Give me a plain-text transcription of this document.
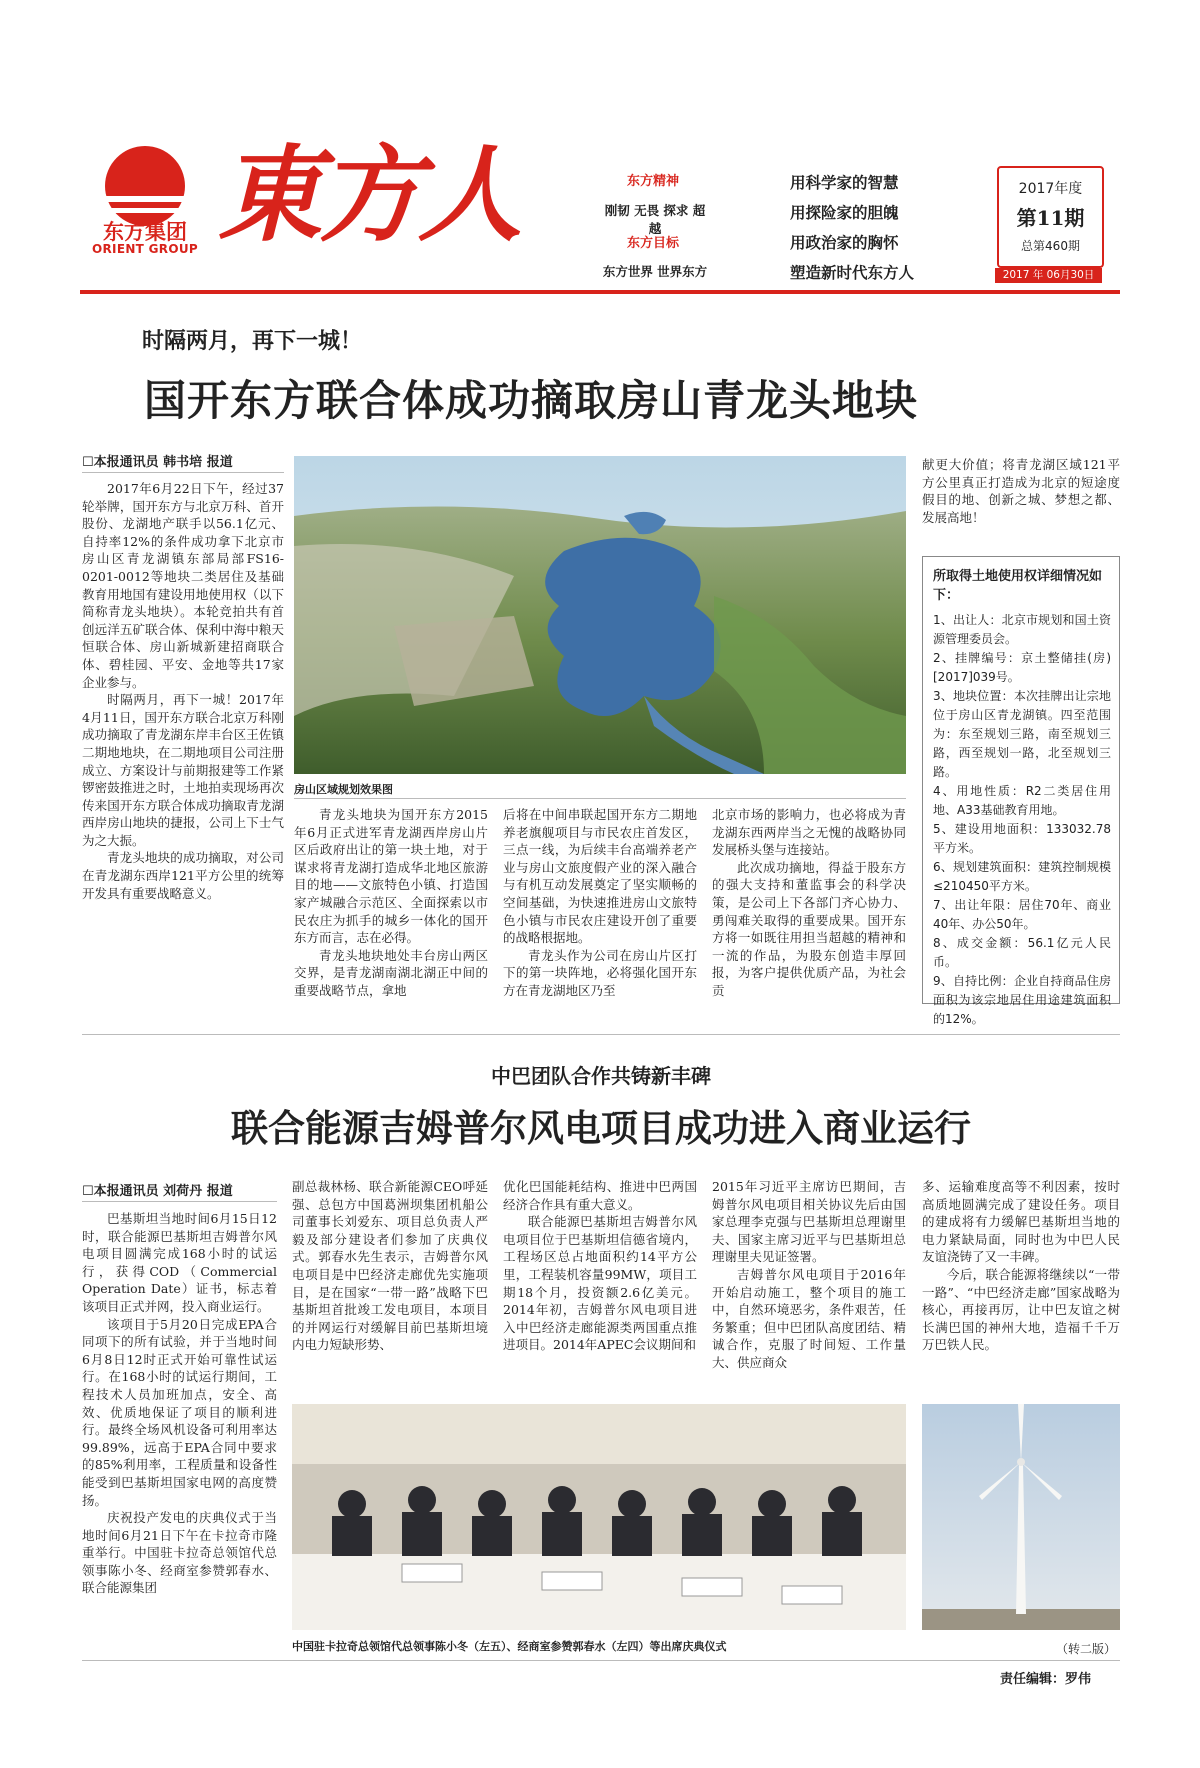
东方集团
ORIENT GROUP 東方人	东方精神
刚韧 无畏 探求 超越
东方目标
东方世界 世界东方
用科学家的智慧
用探险家的胆魄
用政治家的胸怀
塑造新时代东方人
2017年度
第11期
总第460期
2017 年 06月30日
时隔两月，再下一城！
国开东方联合体成功摘取房山青龙头地块
☐本报通讯员 韩书培 报道

2017年6月22日下午，经过37轮举牌，国开东方与北京万科、首开股份、龙湖地产联手以56.1亿元、自持率12%的条件成功拿下北京市房山区青龙湖镇东部局部FS16-0201-0012等地块二类居住及基础教育用地国有建设用地使用权（以下简称青龙头地块）。本轮竞拍共有首创远洋五矿联合体、保利中海中粮天恒联合体、房山新城新建招商联合体、碧桂园、平安、金地等共17家企业参与。

时隔两月，再下一城！2017年4月11日，国开东方联合北京万科刚成功摘取了青龙湖东岸丰台区王佐镇二期地地块，在二期地项目公司注册成立、方案设计与前期报建等工作紧锣密鼓推进之时，土地拍卖现场再次传来国开东方联合体成功摘取青龙湖西岸房山地块的捷报，公司上下士气为之大振。

青龙头地块的成功摘取，对公司在青龙湖东西岸121平方公里的统筹开发具有重要战略意义。

房山区域规划效果图

青龙头地块为国开东方2015年6月正式进军青龙湖西岸房山片区后政府出让的第一块土地，对于谋求将青龙湖打造成华北地区旅游目的地——文旅特色小镇、打造国家产城融合示范区、全面探索以市民农庄为抓手的城乡一体化的国开东方而言，志在必得。

青龙头地块地处丰台房山两区交界，是青龙湖南湖北湖正中间的重要战略节点，拿地

后将在中间串联起国开东方二期地养老旗舰项目与市民农庄首发区，三点一线，为后续丰台高端养老产业与房山文旅度假产业的深入融合与有机互动发展奠定了坚实顺畅的空间基础，为快速推进房山文旅特色小镇与市民农庄建设开创了重要的战略根据地。

青龙头作为公司在房山片区打下的第一块阵地，必将强化国开东方在青龙湖地区乃至

北京市场的影响力，也必将成为青龙湖东西两岸当之无愧的战略协同发展桥头堡与连接站。

此次成功摘地，得益于股东方的强大支持和董监事会的科学决策，是公司上下各部门齐心协力、勇闯难关取得的重要成果。国开东方将一如既往用担当超越的精神和一流的作品，为股东创造丰厚回报，为客户提供优质产品，为社会贡

献更大价值；将青龙湖区域121平方公里真正打造成为北京的短途度假目的地、创新之城、梦想之都、发展高地！

所取得土地使用权详细情况如下：
1、出让人：北京市规划和国土资源管理委员会。
2、挂牌编号：京土整储挂(房)[2017]039号。
3、地块位置：本次挂牌出让宗地位于房山区青龙湖镇。四至范围为：东至规划三路，南至规划三路，西至规划一路，北至规划三路。
4、用地性质：R2二类居住用地、A33基础教育用地。
5、建设用地面积：133032.78平方米。
6、规划建筑面积：建筑控制规模≤210450平方米。
7、出让年限：居住70年、商业40年、办公50年。
8、成交金额：56.1亿元人民币。
9、自持比例：企业自持商品住房面积为该宗地居住用途建筑面积的12%。
中巴团队合作共铸新丰碑
联合能源吉姆普尔风电项目成功进入商业运行
☐本报通讯员 刘荷丹 报道

巴基斯坦当地时间6月15日12时，联合能源巴基斯坦吉姆普尔风电项目圆满完成168小时的试运行，获得COD（Commercial Operation Date）证书，标志着该项目正式并网，投入商业运行。

该项目于5月20日完成EPA合同项下的所有试验，并于当地时间6月8日12时正式开始可靠性试运行。在168小时的试运行期间，工程技术人员加班加点，安全、高效、优质地保证了项目的顺利进行。最终全场风机设备可利用率达99.89%，远高于EPA合同中要求的85%利用率，工程质量和设备性能受到巴基斯坦国家电网的高度赞扬。

庆祝投产发电的庆典仪式于当地时间6月21日下午在卡拉奇市隆重举行。中国驻卡拉奇总领馆代总领事陈小冬、经商室参赞郭春水、联合能源集团

副总裁林杨、联合新能源CEO呼延强、总包方中国葛洲坝集团机船公司董事长刘爱东、项目总负责人严毅及部分建设者们参加了庆典仪式。郭春水先生表示，吉姆普尔风电项目是中巴经济走廊优先实施项目，是在国家“一带一路”战略下巴基斯坦首批竣工发电项目，本项目的并网运行对缓解目前巴基斯坦境内电力短缺形势、

优化巴国能耗结构、推进中巴两国经济合作具有重大意义。

联合能源巴基斯坦吉姆普尔风电项目位于巴基斯坦信德省境内，工程场区总占地面积约14平方公里，工程装机容量99MW，项目工期18个月，投资额2.6亿美元。2014年初，吉姆普尔风电项目进入中巴经济走廊能源类两国重点推进项目。2014年APEC会议期间和

2015年习近平主席访巴期间，吉姆普尔风电项目相关协议先后由国家总理李克强与巴基斯坦总理谢里夫、国家主席习近平与巴基斯坦总理谢里夫见证签署。

吉姆普尔风电项目于2016年开始启动施工，整个项目的施工中，自然环境恶劣，条件艰苦，任务繁重；但中巴团队高度团结、精诚合作，克服了时间短、工作量大、供应商众

多、运输难度高等不利因素，按时高质地圆满完成了建设任务。项目的建成将有力缓解巴基斯坦当地的电力紧缺局面，同时也为中巴人民友谊浇铸了又一丰碑。

今后，联合能源将继续以“一带一路”、“中巴经济走廊”国家战略为核心，再接再厉，让中巴友谊之树长满巴国的神州大地，造福千千万万巴铁人民。

中国驻卡拉奇总领馆代总领事陈小冬（左五）、经商室参赞郭春水（左四）等出席庆典仪式	（转二版）
责任编辑：罗伟
